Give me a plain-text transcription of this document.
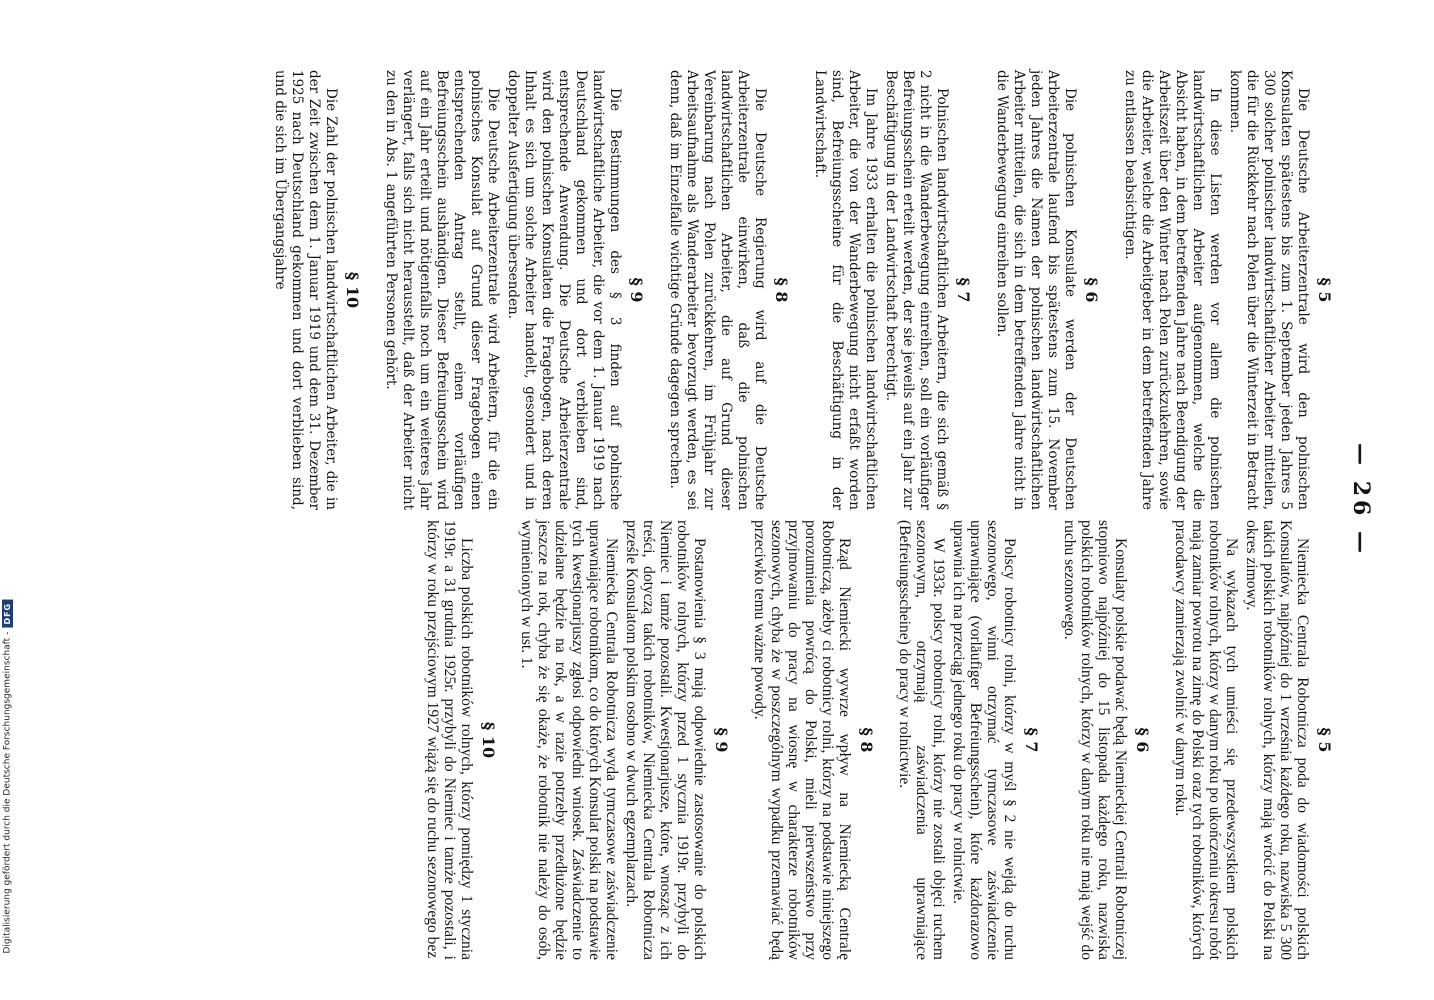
— 26 —
§ 5

Die Deutsche Arbeiterzentrale wird den polnischen Konsulaten spätestens bis zum 1. September jeden Jahres 5 300 solcher polnischer landwirtschaftlicher Arbeiter mitteilen, die für die Rückkehr nach Polen über die Winterzeit in Betracht kommen.

In diese Listen werden vor allem die polnischen landwirtschaftlichen Arbeiter aufgenommen, welche die Absicht haben, in dem betreffenden Jahre nach Beendigung der Arbeitszeit über den Winter nach Polen zurückzukehren, sowie die Arbeiter, welche die Arbeitgeber in dem betreffenden Jahre zu entlassen beabsichtigen.

§ 6

Die polnischen Konsulate werden der Deutschen Arbeiterzentrale laufend bis spätestens zum 15. November jeden Jahres die Namen der polnischen landwirtschaftlichen Arbeiter mitteilen, die sich in dem betreffenden Jahre nicht in die Wanderbewegung einreihen sollen.

§ 7

Polnischen landwirtschaftlichen Arbeitern, die sich gemäß § 2 nicht in die Wanderbewegung einreihen, soll ein vorläufiger Befreiungsschein erteilt werden, der sie jeweils auf ein Jahr zur Beschäftigung in der Landwirtschaft berechtigt.

Im Jahre 1933 erhalten die polnischen landwirtschaftlichen Arbeiter, die von der Wanderbewegung nicht erfaßt worden sind, Befreiungsscheine für die Beschäftigung in der Landwirtschaft.

§ 8

Die Deutsche Regierung wird auf die Deutsche Arbeiterzentrale einwirken, daß die polnischen landwirtschaftlichen Arbeiter, die auf Grund dieser Vereinbarung nach Polen zurückkehren, im Frühjahr zur Arbeitsaufnahme als Wanderarbeiter bevorzugt werden, es sei denn, daß im Einzelfalle wichtige Gründe dagegen sprechen.

§ 9

Die Bestimmungen des § 3 finden auf polnische landwirtschaftliche Arbeiter, die vor dem 1. Januar 1919 nach Deutschland gekommen und dort verblieben sind, entsprechende Anwendung. Die Deutsche Arbeiterzentrale wird den polnischen Konsulaten die Fragebogen, nach deren Inhalt es sich um solche Arbeiter handelt, gesondert und in doppelter Ausfertigung übersenden.

Die Deutsche Arbeiterzentrale wird Arbeitern, für die ein polnisches Konsulat auf Grund dieser Fragebogen einen entsprechenden Antrag stellt, einen vorläufigen Befreiungsschein aushändigen. Dieser Befreiungsschein wird auf ein Jahr erteilt und nötigenfalls noch um ein weiteres Jahr verlängert, falls sich nicht herausstellt, daß der Arbeiter nicht zu den in Abs. 1 angeführten Personen gehört.

§ 10

Die Zahl der polnischen landwirtschaftlichen Arbeiter, die in der Zeit zwischen dem 1. Januar 1919 und dem 31. Dezember 1925 nach Deutschland gekommen und dort verblieben sind, und die sich im Übergangsjahre

§ 5

Niemiecka Centrala Robotnicza poda do wiadomości polskich Konsulatów, najpóźniej do 1 września każdego roku, nazwiska 5 300 takich polskich robotników rolnych, którzy mają wrócić do Polski na okres zimowy.

Na wykazach tych umieści się przedewszystkiem polskich robotników rolnych, którzy w danym roku po ukończeniu okresu robót mają zamiar powrotu na zimę do Polski oraz tych robotników, których pracodawcy zamierzają zwolnić w danym roku.

§ 6

Konsulaty polskie podawać będą Niemieckiej Centrali Robotniczej stopniowo najpóźniej do 15 listopada każdego roku, nazwiska polskich robotników rolnych, którzy w danym roku nie mają wejść do ruchu sezonowego.

§ 7

Polscy robotnicy rolni, którzy w myśl § 2 nie wejdą do ruchu sezonowego, winni otrzymać tymczasowe zaświadczenie uprawniające (vorläufiger Befreiungsschein), które każdorazowo uprawnia ich na przeciąg jednego roku do pracy w rolnictwie.

W 1933r. polscy robotnicy rolni, którzy nie zostali objęci ruchem sezonowym, otrzymają zaświadczenia uprawniające (Befreiungsscheine) do pracy w rolnictwie.

§ 8

Rząd Niemiecki wywrze wpływ na Niemiecką Centralę Robotniczą, ażeby ci robotnicy rolni, którzy na podstawie niniejszego porozumienia powrócą do Polski, mieli pierwszeństwo przy przyjmowaniu do pracy na wiosnę w charakterze robotników sezonowych, chyba że w poszczególnym wypadku przemawiać będą przeciwko temu ważne powody.

§ 9

Postanowienia § 3 mają odpowiednie zastosowanie do polskich robotników rolnych, którzy przed 1 stycznia 1919r. przybyli do Niemiec i tamże pozostali. Kwestjonarjusze, które, wnosząc z ich treści, dotyczą takich robotników, Niemiecka Centrala Robotnicza prześle Konsulatom polskim osobno w dwuch egzemplarzach.

Niemiecka Centrala Robotnicza wyda tymczasowe zaświadczenie uprawniające robotnikom, co do których Konsulat polski na podstawie tych kwestjonarjuszy zgłosi odpowiedni wniosek. Zaświadczenie to udzielane będzie na rok, a w razie potrzeby przedłużone będzie jeszcze na rok, chyba że się okaże, że robotnik nie należy do osób, wymienionych w ust. 1.

§ 10

Liczba polskich robotników rolnych, którzy pomiędzy 1 stycznia 1919r. a 31 grudnia 1925r. przybyli do Niemiec i tamże pozostali, i którzy w roku przejściowym 1927 wiążą się do ruchu sezonowego bez

Digitalisierung gefördert durch die Deutsche Forschungsgemeinschaft -
DFG
